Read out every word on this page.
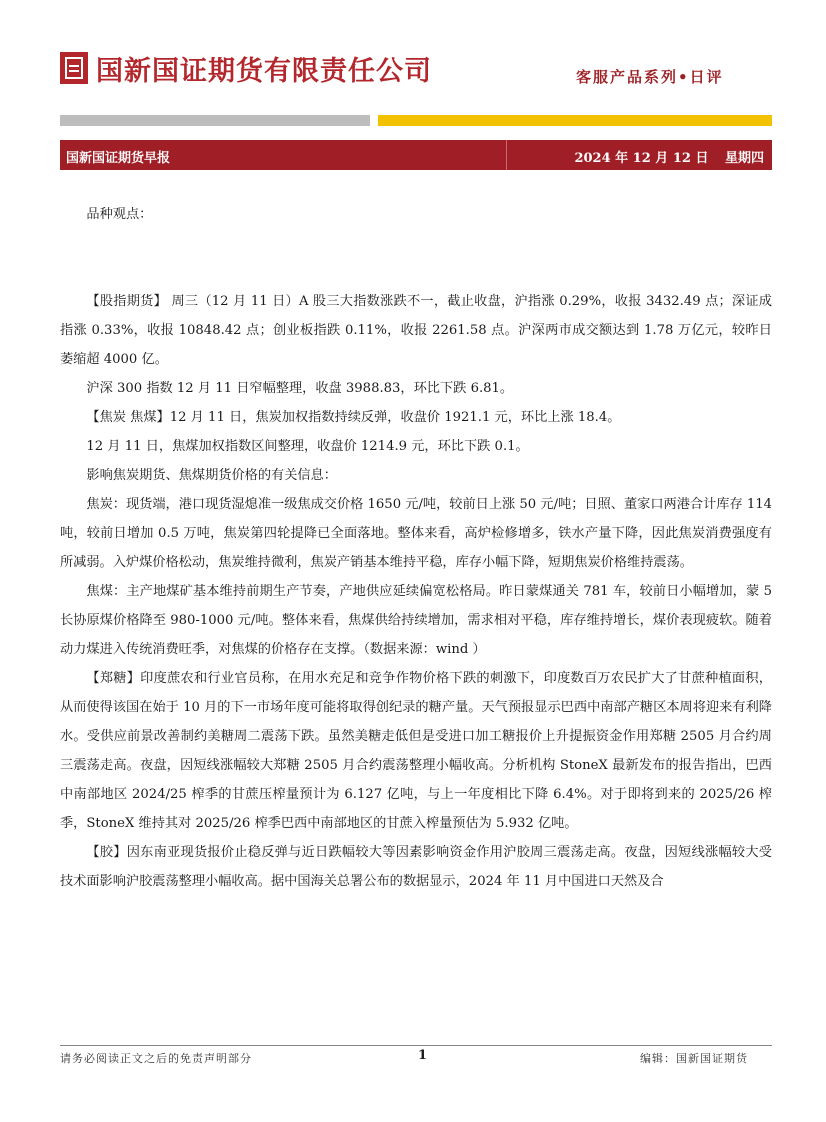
国新国证期货有限责任公司	客服产品系列•日评
国新国证期货早报	2024 年 12 月 12 日 星期四

品种观点：

【股指期货】 周三（12 月 11 日）A 股三大指数涨跌不一，截止收盘，沪指涨 0.29%，收报 3432.49 点；深证成指涨 0.33%，收报 10848.42 点；创业板指跌 0.11%，收报 2261.58 点。沪深两市成交额达到 1.78 万亿元，较昨日萎缩超 4000 亿。

沪深 300 指数 12 月 11 日窄幅整理，收盘 3988.83，环比下跌 6.81。

【焦炭 焦煤】12 月 11 日，焦炭加权指数持续反弹，收盘价 1921.1 元，环比上涨 18.4。

12 月 11 日，焦煤加权指数区间整理，收盘价 1214.9 元，环比下跌 0.1。

影响焦炭期货、焦煤期货价格的有关信息：

焦炭：现货端，港口现货湿熄准一级焦成交价格 1650 元/吨，较前日上涨 50 元/吨；日照、董家口两港合计库存 114 吨，较前日增加 0.5 万吨，焦炭第四轮提降已全面落地。整体来看，高炉检修增多，铁水产量下降，因此焦炭消费强度有所减弱。入炉煤价格松动，焦炭维持微利，焦炭产销基本维持平稳，库存小幅下降，短期焦炭价格维持震荡。

焦煤：主产地煤矿基本维持前期生产节奏，产地供应延续偏宽松格局。昨日蒙煤通关 781 车，较前日小幅增加，蒙 5 长协原煤价格降至 980-1000 元/吨。整体来看，焦煤供给持续增加，需求相对平稳，库存维持增长，煤价表现疲软。随着动力煤进入传统消费旺季，对焦煤的价格存在支撑。（数据来源：wind ）

【郑糖】印度蔗农和行业官员称，在用水充足和竞争作物价格下跌的刺激下，印度数百万农民扩大了甘蔗种植面积，从而使得该国在始于 10 月的下一市场年度可能将取得创纪录的糖产量。天气预报显示巴西中南部产糖区本周将迎来有利降水。受供应前景改善制约美糖周二震荡下跌。虽然美糖走低但是受进口加工糖报价上升提振资金作用郑糖 2505 月合约周三震荡走高。夜盘，因短线涨幅较大郑糖 2505 月合约震荡整理小幅收高。分析机构 StoneX 最新发布的报告指出，巴西中南部地区 2024/25 榨季的甘蔗压榨量预计为 6.127 亿吨，与上一年度相比下降 6.4%。对于即将到来的 2025/26 榨季，StoneX 维持其对 2025/26 榨季巴西中南部地区的甘蔗入榨量预估为 5.932 亿吨。

【胶】因东南亚现货报价止稳反弹与近日跌幅较大等因素影响资金作用沪胶周三震荡走高。夜盘，因短线涨幅较大受技术面影响沪胶震荡整理小幅收高。据中国海关总署公布的数据显示，2024 年 11 月中国进口天然及合

请务必阅读正文之后的免责声明部分	1	编辑：国新国证期货
